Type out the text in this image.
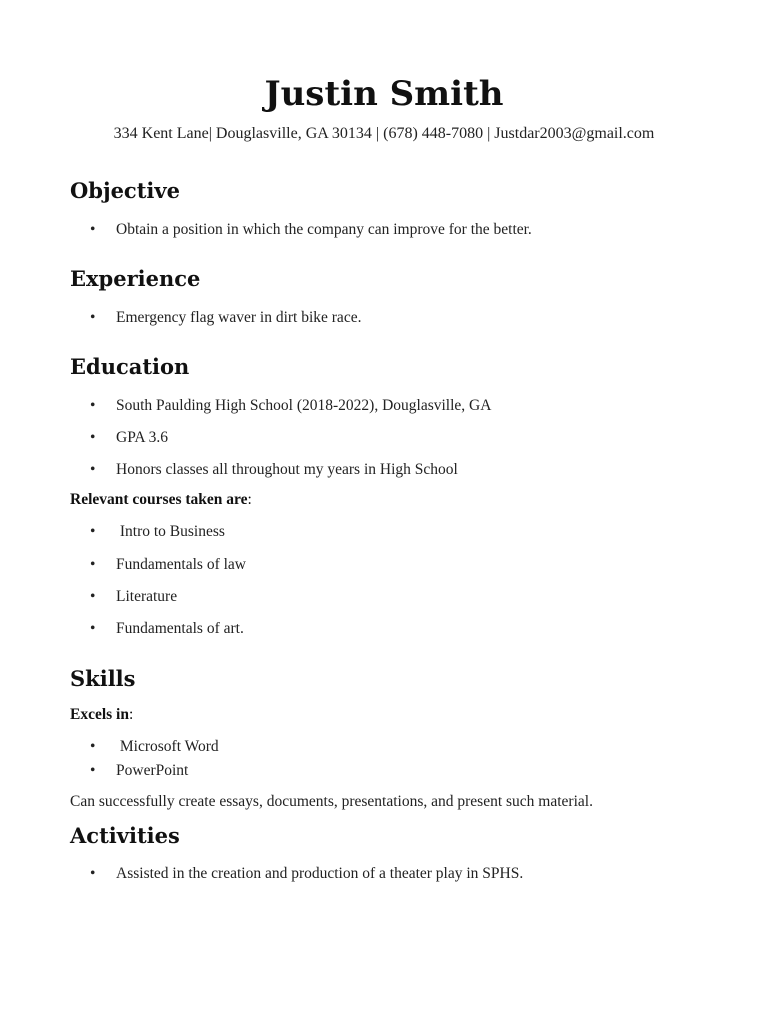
Justin Smith
334 Kent Lane| Douglasville, GA 30134 | (678) 448-7080 | Justdar2003@gmail.com
Objective
• Obtain a position in which the company can improve for the better.
Experience
• Emergency flag waver in dirt bike race.
Education
• South Paulding High School (2018-2022), Douglasville, GA
• GPA 3.6
• Honors classes all throughout my years in High School
Relevant courses taken are:
• Intro to Business
• Fundamentals of law
• Literature
• Fundamentals of art.
Skills
Excels in:
• Microsoft Word
• PowerPoint
Can successfully create essays, documents, presentations, and present such material.
Activities
• Assisted in the creation and production of a theater play in SPHS.
